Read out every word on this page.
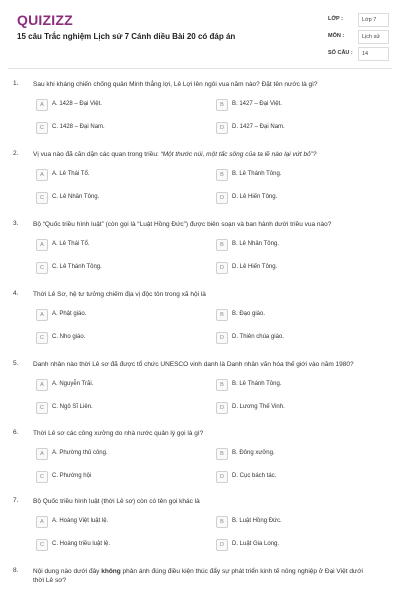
QUIZIZZ
15 câu Trắc nghiệm Lịch sử 7 Cánh diều Bài 20 có đáp án
LỚP :	Lớp 7
MÔN :	Lịch sử
SỐ CÂU :	14
1. Sau khi kháng chiến chống quân Minh thắng lợi, Lê Lợi lên ngôi vua năm nào? Đặt tên nước là gì?
A	A. 1428 – Đại Việt.	B	B. 1427 – Đại Việt.
C	C. 1428 – Đại Nam.	D	D. 1427 – Đại Nam.
2. Vị vua nào đã căn dặn các quan trong triều: “Một thước núi, một tấc sông của ta lẽ nào lại vứt bỏ”?
A	A. Lê Thái Tổ.	B	B. Lê Thánh Tông.
C	C. Lê Nhân Tông.	D	D. Lê Hiến Tông.
3. Bộ “Quốc triều hình luật” (còn gọi là “Luật Hồng Đức”) được biên soạn và ban hành dưới triều vua nào?
A	A. Lê Thái Tổ.	B	B. Lê Nhân Tông.
C	C. Lê Thánh Tông.	D	D. Lê Hiến Tông.
4. Thời Lê Sơ, hệ tư tưởng chiếm địa vị độc tôn trong xã hội là
A	A. Phật giáo.	B	B. Đạo giáo.
C	C. Nho giáo.	D	D. Thiên chúa giáo.
5. Danh nhân nào thời Lê sơ đã được tổ chức UNESCO vinh danh là Danh nhân văn hóa thế giới vào năm 1980?
A	A. Nguyễn Trãi.	B	B. Lê Thánh Tông.
C	C. Ngô Sĩ Liên.	D	D. Lương Thế Vinh.
6. Thời Lê sơ các công xưởng do nhà nước quản lý gọi là gì?
A	A. Phường thủ công.	B	B. Đông xưởng.
C	C. Phường hội	D	D. Cục bách tác.
7. Bộ Quốc triều hình luật (thời Lê sơ) còn có tên gọi khác là
A	A. Hoàng Việt luật lệ.	B	B. Luật Hồng Đức.
C	C. Hoàng triều luật lệ.	D	D. Luật Gia Long.
8. Nội dung nào dưới đây không phản ánh đúng điều kiện thúc đẩy sự phát triển kinh tế nông nghiệp ở Đại Việt dưới thời Lê sơ?
